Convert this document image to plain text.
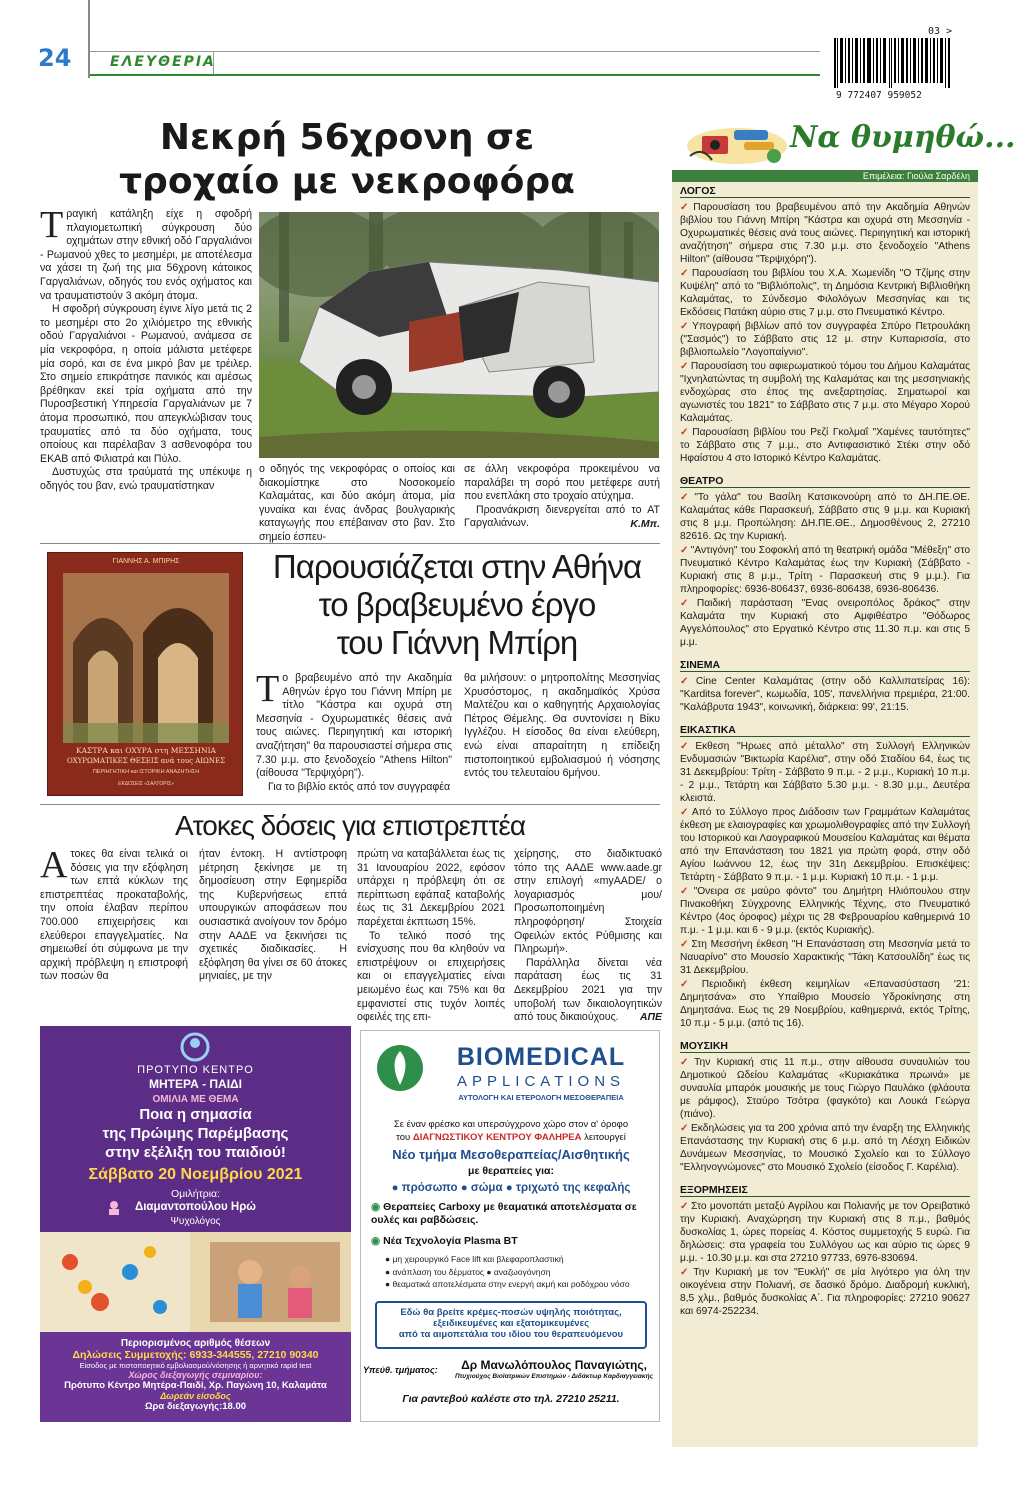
24	ΕΛΕΥΘΕΡΙΑ
03 >
9 772407 959052
Νεκρή 56χρονη σε
τροχαίο με νεκροφόρα

Τραγική κατάληξη είχε η σφοδρή πλαγιομετωπική σύγκρουση δύο οχημάτων στην εθνική οδό Γαργαλιάνοι - Ρωμανού χθες το μεσημέρι, με αποτέλεσμα να χάσει τη ζωή της μια 56χρονη κάτοικος Γαργαλιάνων, οδηγός του ενός οχήματος και να τραυματιστούν 3 ακόμη άτομα.

Η σφοδρή σύγκρουση έγινε λίγο μετά τις 2 το μεσημέρι στο 2ο χιλιόμετρο της εθνικής οδού Γαργαλιάνοι - Ρωμανού, ανάμεσα σε μία νεκροφόρα, η οποία μάλιστα μετέφερε μία σορό, και σε ένα μικρό βαν με τρέιλερ. Στο σημείο επικράτησε πανικός και αμέσως βρέθηκαν εκεί τρία οχήματα από την Πυροσβεστική Υπηρεσία Γαργαλιάνων με 7 άτομα προσωπικό, που απεγκλώβισαν τους τραυματίες από τα δύο οχήματα, τους οποίους και παρέλαβαν 3 ασθενοφόρα του ΕΚΑΒ από Φιλιατρά και Πύλο.

Δυστυχώς στα τραύματά της υπέκυψε η οδηγός του βαν, ενώ τραυματίστηκαν

ο οδηγός της νεκροφόρας ο οποίος και διακομίστηκε στο Νοσοκομείο Καλαμάτας, και δύο ακόμη άτομα, μία γυναίκα και ένας άνδρας βουλγαρικής καταγωγής που επέβαιναν στο βαν. Στο σημείο έσπευ-

σε άλλη νεκροφόρα προκειμένου να παραλάβει τη σορό που μετέφερε αυτή που ενεπλάκη στο τροχαίο ατύχημα.

Προανάκριση διενεργείται από το ΑΤ Γαργαλιάνων.	Κ.Μπ.
ΓΙΑΝΝΗΣ Α. ΜΠΙΡΗΣ
ΚΑΣΤΡΑ και ΟΧΥΡΑ στη ΜΕΣΣΗΝΙΑ
ΟΧΥΡΩΜΑΤΙΚΕΣ ΘΕΣΕΙΣ ανά τους ΑΙΩΝΕΣ
ΠΕΡΙΗΓΗΤΙΚΗ και ΙΣΤΟΡΙΚΗ ΑΝΑΖΗΤΗΣΗ
ΕΚΔΟΣΕΙΣ «ΣΑΛΤΟΡΙΣ»
Παρουσιάζεται στην Αθήνα
το βραβευμένο έργο
του Γιάννη Μπίρη

Το βραβευμένο από την Ακαδημία Αθηνών έργο του Γιάννη Μπίρη με τίτλο "Κάστρα και οχυρά στη Μεσσηνία - Οχυρωματικές θέσεις ανά τους αιώνες. Περιηγητική και ιστορική αναζήτηση" θα παρουσιαστεί σήμερα στις 7.30 μ.μ. στο ξενοδοχείο "Athens Hilton" (αίθουσα "Τερψιχόρη").

Για το βιβλίο εκτός από τον συγγραφέα

θα μιλήσουν: ο μητροπολίτης Μεσσηνίας Χρυσόστομος, η ακαδημαϊκός Χρύσα Μαλτέζου και ο καθηγητής Αρχαιολογίας Πέτρος Θέμελης. Θα συντονίσει η Βίκυ Ιγγλέζου. Η είσοδος θα είναι ελεύθερη, ενώ είναι απαραίτητη η επίδειξη πιστοποιητικού εμβολιασμού ή νόσησης εντός του τελευταίου 6μήνου.

Ατοκες δόσεις για επιστρεπτέα

Ατοκες θα είναι τελικά οι δόσεις για την εξόφληση των επτά κύκλων της επιστρεπτέας προκαταβολής, την οποία έλαβαν περίπου 700.000 επιχειρήσεις και ελεύθεροι επαγγελματίες. Να σημειωθεί ότι σύμφωνα με την αρχική πρόβλεψη η επιστροφή των ποσών θα

ήταν έντοκη. Η αντίστροφη μέτρηση ξεκίνησε με τη δημοσίευση στην Εφημερίδα της Κυβερνήσεως επτά υπουργικών αποφάσεων που ουσιαστικά ανοίγουν τον δρόμο στην ΑΑΔΕ να ξεκινήσει τις σχετικές διαδικασίες. Η εξόφληση θα γίνει σε 60 άτοκες μηνιαίες, με την

πρώτη να καταβάλλεται έως τις 31 Ιανουαρίου 2022, εφόσον υπάρχει η πρόβλεψη ότι σε περίπτωση εφάπαξ καταβολής έως τις 31 Δεκεμβρίου 2021 παρέχεται έκπτωση 15%.

Το τελικό ποσό της ενίσχυσης που θα κληθούν να επιστρέψουν οι επιχειρήσεις και οι επαγγελματίες είναι μειωμένο έως και 75% και θα εμφανιστεί στις τυχόν λοιπές οφειλές της επι-

χείρησης, στο διαδικτυακό τόπο της ΑΑΔΕ www.aade.gr στην επιλογή «myAADE/ ο λογαριασμός μου/Προσωποποιημένη πληροφόρηση/ Στοιχεία Οφειλών εκτός Ρύθμισης και Πληρωμή».

Παράλληλα δίνεται νέα παράταση έως τις 31 Δεκεμβρίου 2021 για την υποβολή των δικαιολογητικών από τους δικαιούχους.	ΑΠΕ
ΠΡΟΤΥΠΟ ΚΕΝΤΡΟ
ΜΗΤΕΡΑ - ΠΑΙΔΙ
ΟΜΙΛΙΑ ΜΕ ΘΕΜΑ
Ποια η σημασία
της Πρώιμης Παρέμβασης
στην εξέλιξη του παιδιού!
Σάββατο 20 Νοεμβρίου 2021
Ομιλήτρια:
Διαμαντοπούλου Ηρώ
Ψυχολόγος
Περιορισμένος αριθμός θέσεων
Δηλώσεις Συμμετοχής: 6933-344555, 27210 90340
Είσοδος με πιστοποιητικό εμβολιασμού/νόσησης ή αρνητικό rapid test
Χώρος διεξαγωγής σεμιναρίου:
Πρότυπο Κέντρο Μητέρα-Παιδί, Χρ. Παγώνη 10, Καλαμάτα
Δωρεάν είσοδος
Ωρα διεξαγωγής:18.00
BIOMEDICAL
APPLICATIONS
ΑΥΤΟΛΟΓΗ ΚΑΙ ΕΤΕΡΟΛΟΓΗ ΜΕΣΟΘΕΡΑΠΕΙΑ
Σε έναν φρέσκο και υπερσύγχρονο χώρο στον α' όροφο
του ΔΙΑΓΝΩΣΤΙΚΟΥ ΚΕΝΤΡΟΥ ΦΑΛΗΡΕΑ λειτουργεί
Νέο τμήμα Μεσοθεραπείας/Αισθητικής
με θεραπείες για:
● πρόσωπο ● σώμα ● τριχωτό της κεφαλής
◉ Θεραπείες Carboxy με θεαματικά αποτελέσματα σε ουλές και ραβδώσεις.
◉ Νέα Τεχνολογία Plasma BT
● μη χειρουργικό Face lift και βλεφαροπλαστική
● ανάπλαση του δέρματος ● αναζωογόνηση
● θεαματικά αποτελέσματα στην ενεργή ακμή και ροδόχρου νόσο
Εδώ θα βρείτε κρέμες-ποσών υψηλής ποιότητας,
εξειδικευμένες και εξατομικευμένες
από τα αιμοπετάλια του ιδίου του θεραπευόμενου
Υπεύθ. τμήματος:	Δρ Μανωλόπουλος Παναγιώτης,
Πτυχιούχος Βιοϊατρικών Επιστημών - Διδάκτωρ Καρδιαγγειακής
Για ραντεβού καλέστε στο τηλ. 27210 25211.
Να θυμηθώ...
Επιμέλεια: Γιούλα Σαρδέλη
ΛΟΓΟΣ
✓ Παρουσίαση του βραβευμένου από την Ακαδημία Αθηνών βιβλίου του Γιάννη Μπίρη "Κάστρα και οχυρά στη Μεσσηνία - Οχυρωματικές θέσεις ανά τους αιώνες. Περιηγητική και ιστορική αναζήτηση" σήμερα στις 7.30 μ.μ. στο ξενοδοχείο "Athens Hilton" (αίθουσα "Τερψιχόρη").
✓ Παρουσίαση του βιβλίου του Χ.Α. Χωμενίδη "Ο Τζίμης στην Κυψέλη" από το "Βιβλιόπολις", τη Δημόσια Κεντρική Βιβλιοθήκη Καλαμάτας, το Σύνδεσμο Φιλολόγων Μεσσηνίας και τις Εκδόσεις Πατάκη αύριο στις 7 μ.μ. στο Πνευματικό Κέντρο.
✓ Υπογραφή βιβλίων από τον συγγραφέα Σπύρο Πετρουλάκη ("Σασμός") το Σάββατο στις 12 μ. στην Κυπαρισσία, στο βιβλιοπωλείο "Λογοπαίγνιο".
✓ Παρουσίαση του αφιερωματικού τόμου του Δήμου Καλαμάτας "Ιχνηλατώντας τη συμβολή της Καλαμάτας και της μεσσηνιακής ενδοχώρας στο έπος της ανεξαρτησίας. Σηματωροί και αγωνιστές του 1821" το Σάββατο στις 7 μ.μ. στο Μέγαρο Χορού Καλαμάτας.
✓ Παρουσίαση βιβλίου του Ρεζί Γκολμαΐ "Χαμένες ταυτότητες" το Σάββατο στις 7 μ.μ., στο Αντιφασιστικό Στέκι στην οδό Ηφαίστου 4 στο Ιστορικό Κέντρο Καλαμάτας.
ΘΕΑΤΡΟ
✓ "Το γάλα" του Βασίλη Κατσικονούρη από το ΔΗ.ΠΕ.ΘΕ. Καλαμάτας κάθε Παρασκευή, Σάββατο στις 9 μ.μ. και Κυριακή στις 8 μ.μ. Προπώληση: ΔΗ.ΠΕ.ΘΕ., Δημοσθένους 2, 27210 82616. Ως την Κυριακή.
✓ "Αντιγόνη" του Σοφοκλή από τη θεατρική ομάδα "Μέθεξη" στο Πνευματικό Κέντρο Καλαμάτας έως την Κυριακή (Σάββατο - Κυριακή στις 8 μ.μ., Τρίτη - Παρασκευή στις 9 μ.μ.). Για πληροφορίες: 6936-806437, 6936-806438, 6936-806436.
✓ Παιδική παράσταση "Ενας ονειροπόλος δράκος" στην Καλαμάτα την Κυριακή στο Αμφιθέατρο "Θόδωρος Αγγελόπουλος" στο Εργατικό Κέντρο στις 11.30 π.μ. και στις 5 μ.μ.
ΣΙΝΕΜΑ
✓ Cine Center Καλαμάτας (στην οδό Καλλιπατείρας 16): "Karditsa forever", κωμωδία, 105', πανελλήνια πρεμιέρα, 21:00. "Καλάβρυτα 1943", κοινωνική, διάρκεια: 99', 21:15.
ΕΙΚΑΣΤΙΚΑ
✓ Εκθεση "Ηρωες από μέταλλο" στη Συλλογή Ελληνικών Ενδυμασιών "Βικτωρία Καρέλια", στην οδό Σταδίου 64, έως τις 31 Δεκεμβρίου: Τρίτη - Σάββατο 9 π.μ. - 2 μ.μ., Κυριακή 10 π.μ. - 2 μ.μ., Τετάρτη και Σάββατο 5.30 μ.μ. - 8.30 μ.μ., Δευτέρα κλειστά.
✓ Από το Σύλλογο προς Διάδοσιν των Γραμμάτων Καλαμάτας έκθεση με ελαιογραφίες και χρωμολιθογραφίες από την Συλλογή του Ιστορικού και Λαογραφικού Μουσείου Καλαμάτας και θέματα από την Επανάσταση του 1821 για πρώτη φορά, στην οδό Αγίου Ιωάννου 12, έως την 31η Δεκεμβρίου. Επισκέψεις: Τετάρτη - Σάββατο 9 π.μ. - 1 μ.μ. Κυριακή 10 π.μ. - 1 μ.μ.
✓ "Ονειρα σε μαύρο φόντο" του Δημήτρη Ηλιόπουλου στην Πινακοθήκη Σύγχρονης Ελληνικής Τέχνης, στο Πνευματικό Κέντρο (4ος όροφος) μέχρι τις 28 Φεβρουαρίου καθημερινά 10 π.μ. - 1 μ.μ. και 6 - 9 μ.μ. (εκτός Κυριακής).
✓ Στη Μεσσήνη έκθεση "Η Επανάσταση στη Μεσσηνία μετά το Ναυαρίνο" στο Μουσείο Χαρακτικής "Τάκη Κατσουλίδη" έως τις 31 Δεκεμβρίου.
✓ Περιοδική έκθεση κειμηλίων «Επανασύσταση '21: Δημητσάνα» στο Υπαίθριο Μουσείο Υδροκίνησης στη Δημητσάνα. Εως τις 29 Νοεμβρίου, καθημερινά, εκτός Τρίτης, 10 π.μ - 5 μ.μ. (από τις 16).
ΜΟΥΣΙΚΗ
✓ Την Κυριακή στις 11 π.μ., στην αίθουσα συναυλιών του Δημοτικού Ωδείου Καλαμάτας «Κυριακάτικα πρωινά» με συναυλία μπαρόκ μουσικής με τους Γιώργο Παυλάκο (φλάουτα με ράμφος), Σταύρο Τσότρα (φαγκότο) και Λουκά Γεώργα (πιάνο).
✓ Εκδηλώσεις για τα 200 χρόνια από την έναρξη της Ελληνικής Επανάστασης την Κυριακή στις 6 μ.μ. από τη Λέσχη Ειδικών Δυνάμεων Μεσσηνίας, το Μουσικό Σχολείο και το Σύλλογο "Ελληνογνώμονες" στο Μουσικό Σχολείο (είσοδος Γ. Καρέλια).
ΕΞΟΡΜΗΣΕΙΣ
✓ Στο μονοπάτι μεταξύ Αγρίλου και Πολιανής με τον Ορειβατικό την Κυριακή. Αναχώρηση την Κυριακή στις 8 π.μ., βαθμός δυσκολίας 1, ώρες πορείας 4. Κόστος συμμετοχής 5 ευρώ. Για δηλώσεις: στα γραφεία του Συλλόγου ως και αύριο τις ώρες 9 μ.μ. - 10.30 μ.μ. και στα 27210 97733, 6976-830694.
✓ Την Κυριακή με τον "Ευκλή" σε μία λιγότερο για όλη την οικογένεια στην Πολιανή, σε δασικό δρόμο. Διαδρομή κυκλική, 8,5 χλμ., βαθμός δυσκολίας Α΄. Για πληροφορίες: 27210 90627 και 6974-252234.
